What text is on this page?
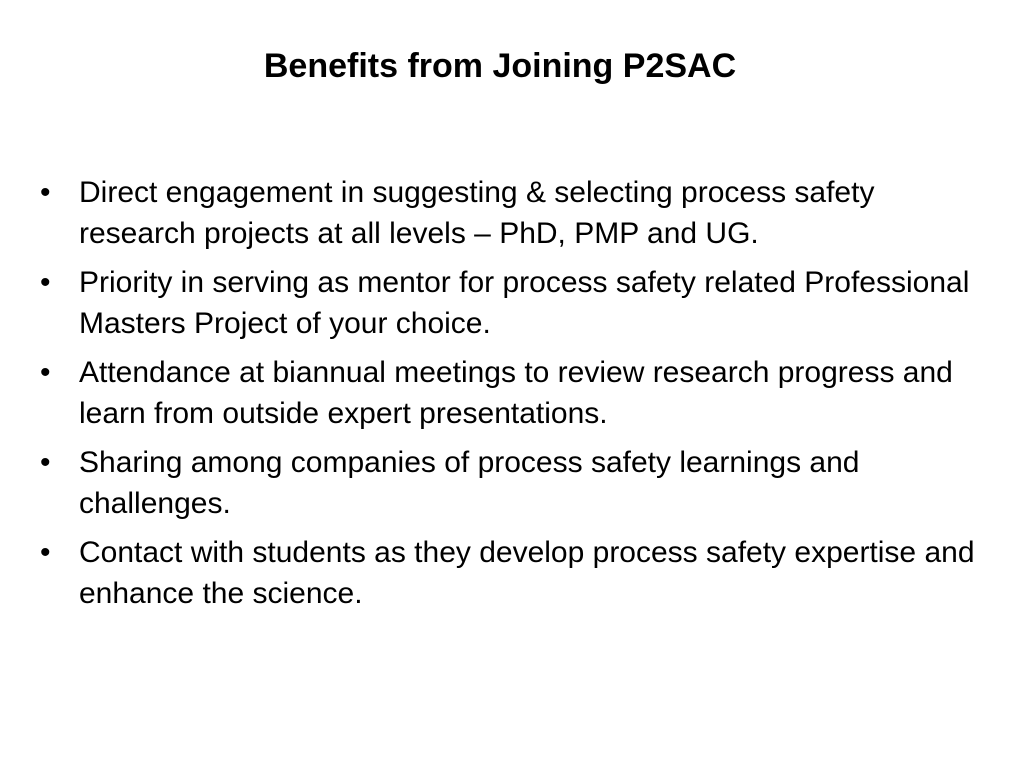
Benefits from Joining P2SAC
• Direct engagement in suggesting & selecting process safety research projects at all levels – PhD, PMP and UG.
• Priority in serving as mentor for process safety related Professional Masters Project of your choice.
• Attendance at biannual meetings to review research progress and learn from outside expert presentations.
• Sharing among companies of process safety learnings and challenges.
• Contact with students as they develop process safety expertise and enhance the science.
